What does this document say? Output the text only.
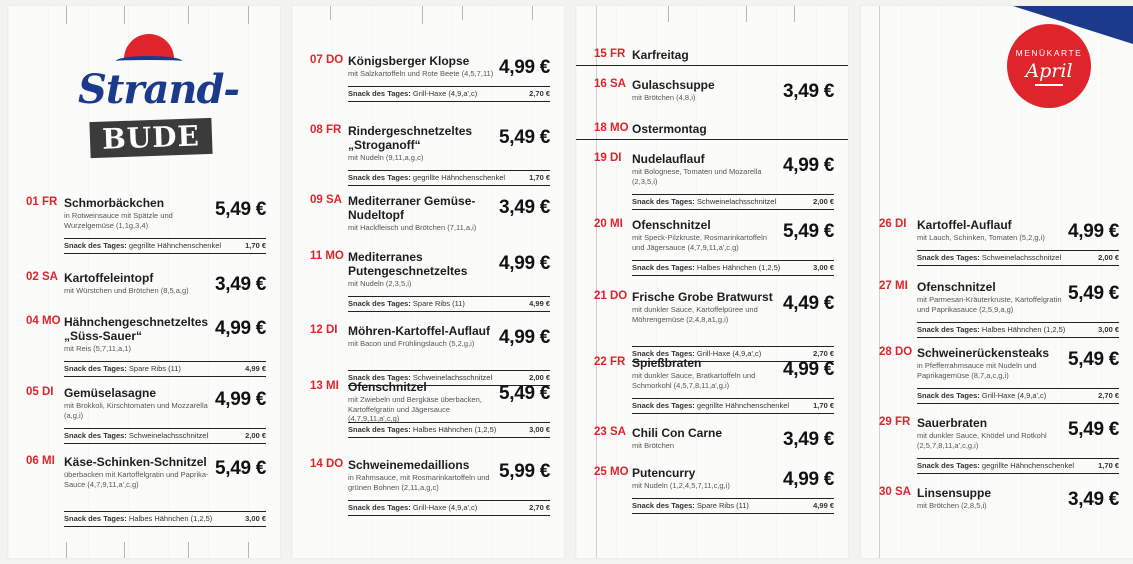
Strand-
BUDE
01 FR Schmorbäckchen
in Rotweinsauce mit Spätzle und Wurzelgemüse (1,1g,3,4)
5,49 €
Snack des Tages: gegrillte Hähnchenschenkel	1,70 €
02 SA Kartoffeleintopf
mit Würstchen und Brötchen (8,5,a,g)	3,49 €
04 MO Hähnchengeschnetzeltes „Süss-Sauer“
mit Reis (5,7,11,a,1)
4,99 €
Snack des Tages: Spare Ribs (11)	4,99 €
05 DI Gemüselasagne
mit Brokkoli, Kirschtomaten und Mozzarella (a,g,i)
4,99 €
Snack des Tages: Schweinelachsschnitzel	2,00 €
06 MI Käse-Schinken-Schnitzel
überbacken mit Kartoffelgratin und Paprika-Sauce (4,7,9,11,a',c,g)
5,49 €
Snack des Tages: Halbes Hähnchen (1,2,5)	3,00 €
07 DO Königsberger Klopse
mit Salzkartoffeln und Rote Beete (4,5,7,11) 4,99 €
Snack des Tages: Grill-Haxe (4,9,a',c)	2,70 €
08 FR Rindergeschnetzeltes „Stroganoff“
mit Nudeln (9,11,a,g,c)
5,49 €
Snack des Tages: gegrillte Hähnchenschenkel	1,70 €
09 SA Mediterraner Gemüse-Nudeltopf
mit Hackfleisch und Brötchen (7,11,a,i)
3,49 €
11 MO Mediterranes Putengeschnetzeltes
mit Nudeln (2,3,5,i)
4,99 €
Snack des Tages: Spare Ribs (11)	4,99 €
12 DI Möhren-Kartoffel-Auflauf
mit Bacon und Frühlingslauch (5,2,g,i)	4,99 €
Snack des Tages: Schweinelachsschnitzel	2,00 €
13 MI Ofenschnitzel
mit Zwiebeln und Bergkäse überbacken, Kartoffelgratin und Jägersauce (4,7,9,11,a',c,g)
5,49 €
Snack des Tages: Halbes Hähnchen (1,2,5)	3,00 €
14 DO Schweinemedaillions
in Rahmsauce, mit Rosmarinkartoffeln und grünen Bohnen (2,11,a,g,c)
5,99 €
Snack des Tages: Grill-Haxe (4,9,a',c)	2,70 €
15 FR Karfreitag
16 SA Gulaschsuppe
mit Brötchen (4,8,i)	3,49 €
18 MO Ostermontag
19 DI Nudelauflauf
mit Bolognese, Tomaten und Mozarella (2,3,5,i)
4,99 €
Snack des Tages: Schweinelachsschnitzel	2,00 €
20 MI Ofenschnitzel
mit Speck-Pilzkruste, Rosmarinkartoffeln und Jägersauce (4,7,9,11,a',c,g)
5,49 €
Snack des Tages: Halbes Hähnchen (1,2,5)	3,00 €
21 DO Frische Grobe Bratwurst
mit dunkler Sauce, Kartoffelpüree und Möhrengemüse (2,4,8,a1,g,i)
4,49 €
Snack des Tages: Grill-Haxe (4,9,a',c)	2,70 €
22 FR Spießbraten
mit dunkler Sauce, Bratkartoffeln und Schmorkohl (4,5,7,8,11,a',g,i)
4,99 €
Snack des Tages: gegrillte Hähnchenschenkel	1,70 €
23 SA Chili Con Carne
mit Brötchen	3,49 €
25 MO Putencurry
mit Nudeln (1,2,4,5,7,11,c,g,i)	4,99 €
Snack des Tages: Spare Ribs (11)	4,99 €
MENÜKARTE
April
26 DI Kartoffel-Auflauf
mit Lauch, Schinken, Tomaten (5,2,g,i)	4,99 €
Snack des Tages: Schweinelachsschnitzel	2,00 €
27 MI Ofenschnitzel
mit Parmesan-Kräuterkruste, Kartoffelgratin und Paprikasauce (2,5,9,a,g)
5,49 €
Snack des Tages: Halbes Hähnchen (1,2,5)	3,00 €
28 DO Schweinerückensteaks
in Pfefferrahmsauce mit Nudeln und Paprikagemüse (8,7,a,c,g,i)
5,49 €
Snack des Tages: Grill-Haxe (4,9,a',c)	2,70 €
29 FR Sauerbraten
mit dunkler Sauce, Knödel und Rotkohl (2,5,7,8,11,a',c,g,i)
5,49 €
Snack des Tages: gegrillte Hähnchenschenkel	1,70 €
30 SA Linsensuppe
mit Brötchen (2,8,5,i)	3,49 €
